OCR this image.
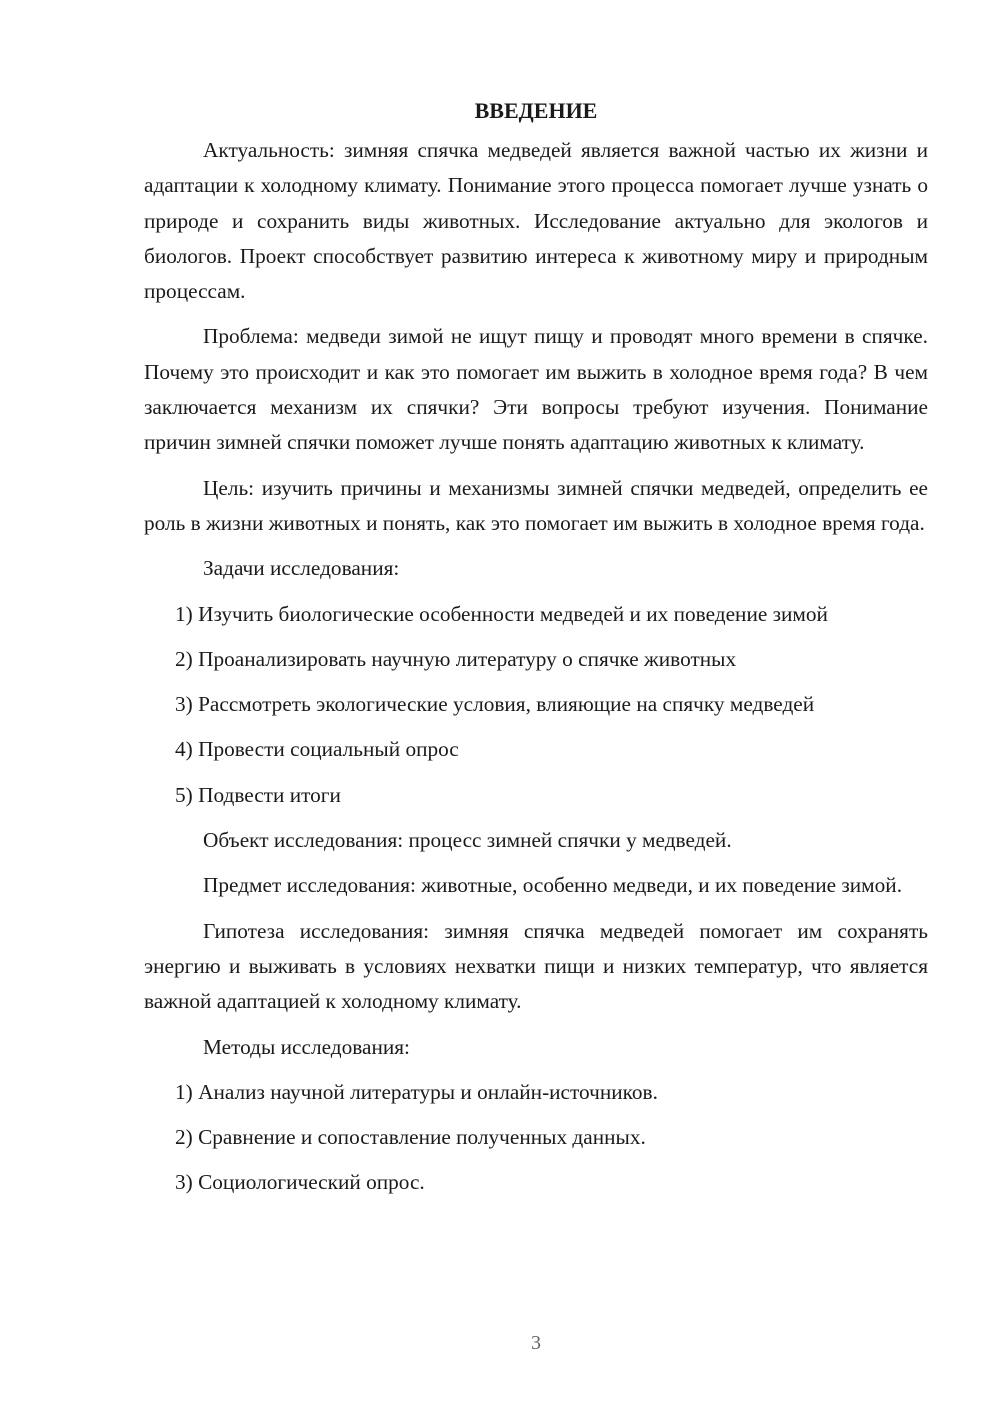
ВВЕДЕНИЕ

Актуальность: зимняя спячка медведей является важной частью их жизни и адаптации к холодному климату. Понимание этого процесса помогает лучше узнать о природе и сохранить виды животных. Исследование актуально для экологов и биологов. Проект способствует развитию интереса к животному миру и природным процессам.

Проблема: медведи зимой не ищут пищу и проводят много времени в спячке. Почему это происходит и как это помогает им выжить в холодное время года? В чем заключается механизм их спячки? Эти вопросы требуют изучения. Понимание причин зимней спячки поможет лучше понять адаптацию животных к климату.

Цель: изучить причины и механизмы зимней спячки медведей, определить ее роль в жизни животных и понять, как это помогает им выжить в холодное время года.

Задачи исследования:
1) Изучить биологические особенности медведей и их поведение зимой
2) Проанализировать научную литературу о спячке животных
3) Рассмотреть экологические условия, влияющие на спячку медведей
4) Провести социальный опрос
5) Подвести итоги
Объект исследования: процесс зимней спячки у медведей.

Предмет исследования: животные, особенно медведи, и их поведение зимой.

Гипотеза исследования: зимняя спячка медведей помогает им сохранять энергию и выживать в условиях нехватки пищи и низких температур, что является важной адаптацией к холодному климату.

Методы исследования:
1) Анализ научной литературы и онлайн-источников.
2) Сравнение и сопоставление полученных данных.
3) Социологический опрос.
3
